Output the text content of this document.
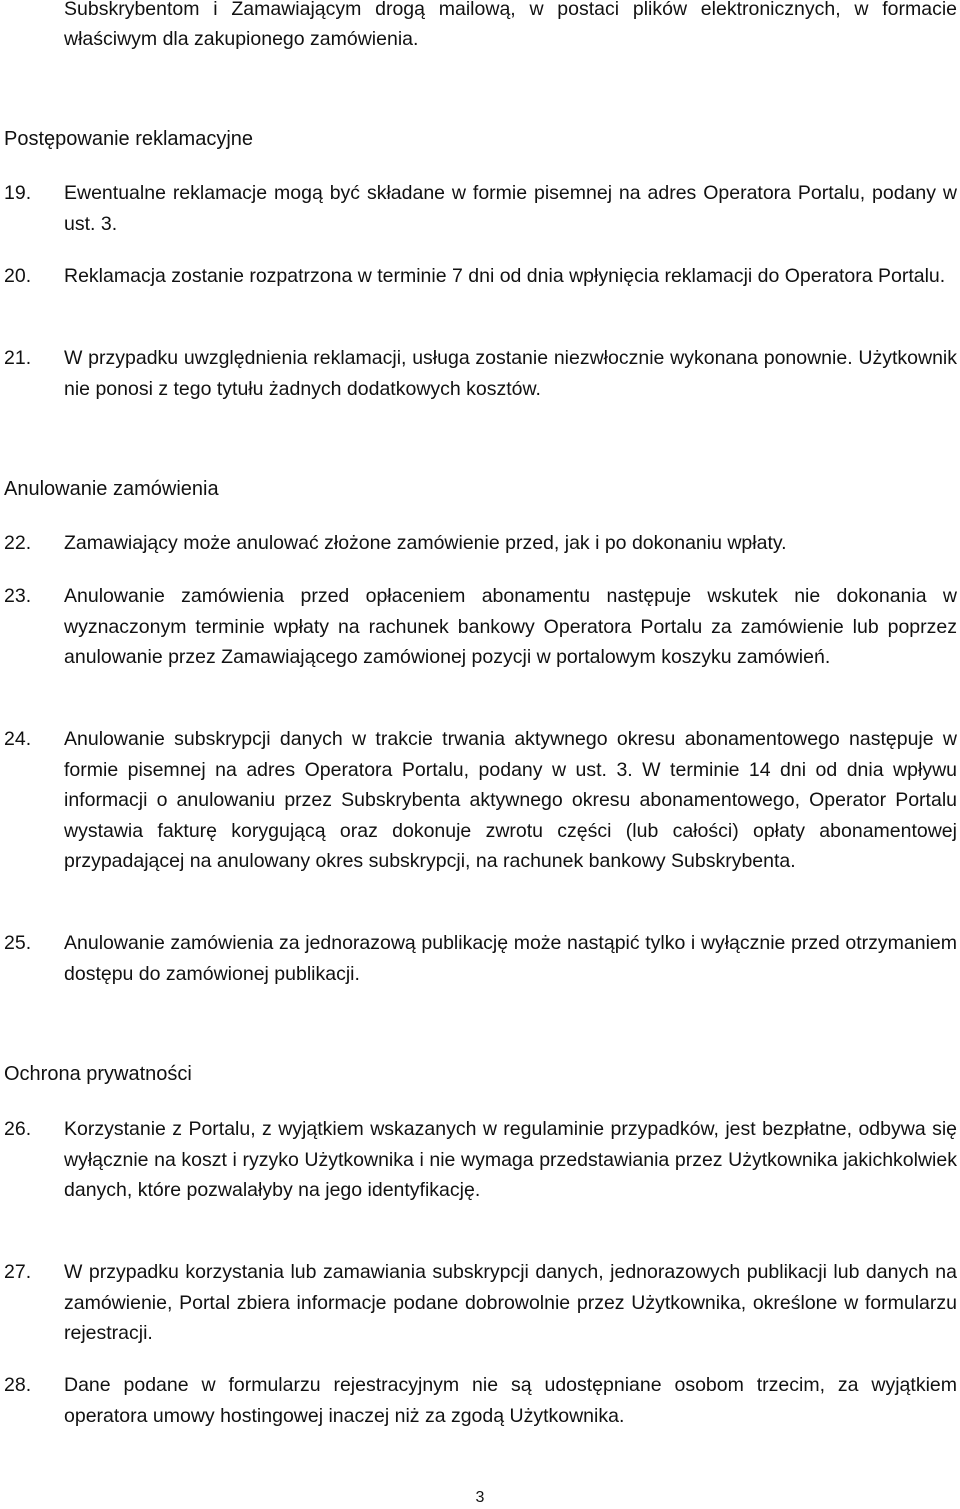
Subskrybentom i Zamawiającym drogą mailową, w postaci plików elektronicznych, w formacie właściwym dla zakupionego zamówienia.
Postępowanie reklamacyjne
19. Ewentualne reklamacje mogą być składane w formie pisemnej na adres Operatora Portalu, podany w ust. 3.
20. Reklamacja zostanie rozpatrzona w terminie 7 dni od dnia wpłynięcia reklamacji do Operatora Portalu.
21. W przypadku uwzględnienia reklamacji, usługa zostanie niezwłocznie wykonana ponownie. Użytkownik nie ponosi z tego tytułu żadnych dodatkowych kosztów.
Anulowanie zamówienia
22. Zamawiający może anulować złożone zamówienie przed, jak i po dokonaniu wpłaty.
23. Anulowanie zamówienia przed opłaceniem abonamentu następuje wskutek nie dokonania w wyznaczonym terminie wpłaty na rachunek bankowy Operatora Portalu za zamówienie lub poprzez anulowanie przez Zamawiającego zamówionej pozycji w portalowym koszyku zamówień.
24. Anulowanie subskrypcji danych w trakcie trwania aktywnego okresu abonamentowego następuje w formie pisemnej na adres Operatora Portalu, podany w ust. 3. W terminie 14 dni od dnia wpływu informacji o anulowaniu przez Subskrybenta aktywnego okresu abonamentowego, Operator Portalu wystawia fakturę korygującą oraz dokonuje zwrotu części (lub całości) opłaty abonamentowej przypadającej na anulowany okres subskrypcji, na rachunek bankowy Subskrybenta.
25. Anulowanie zamówienia za jednorazową publikację może nastąpić tylko i wyłącznie przed otrzymaniem dostępu do zamówionej publikacji.
Ochrona prywatności
26. Korzystanie z Portalu, z wyjątkiem wskazanych w regulaminie przypadków, jest bezpłatne, odbywa się wyłącznie na koszt i ryzyko Użytkownika i nie wymaga przedstawiania przez Użytkownika jakichkolwiek danych, które pozwalałyby na jego identyfikację.
27. W przypadku korzystania lub zamawiania subskrypcji danych, jednorazowych publikacji lub danych na zamówienie, Portal zbiera informacje podane dobrowolnie przez Użytkownika, określone w formularzu rejestracji.
28. Dane podane w formularzu rejestracyjnym nie są udostępniane osobom trzecim, za wyjątkiem operatora umowy hostingowej inaczej niż za zgodą Użytkownika.
3
